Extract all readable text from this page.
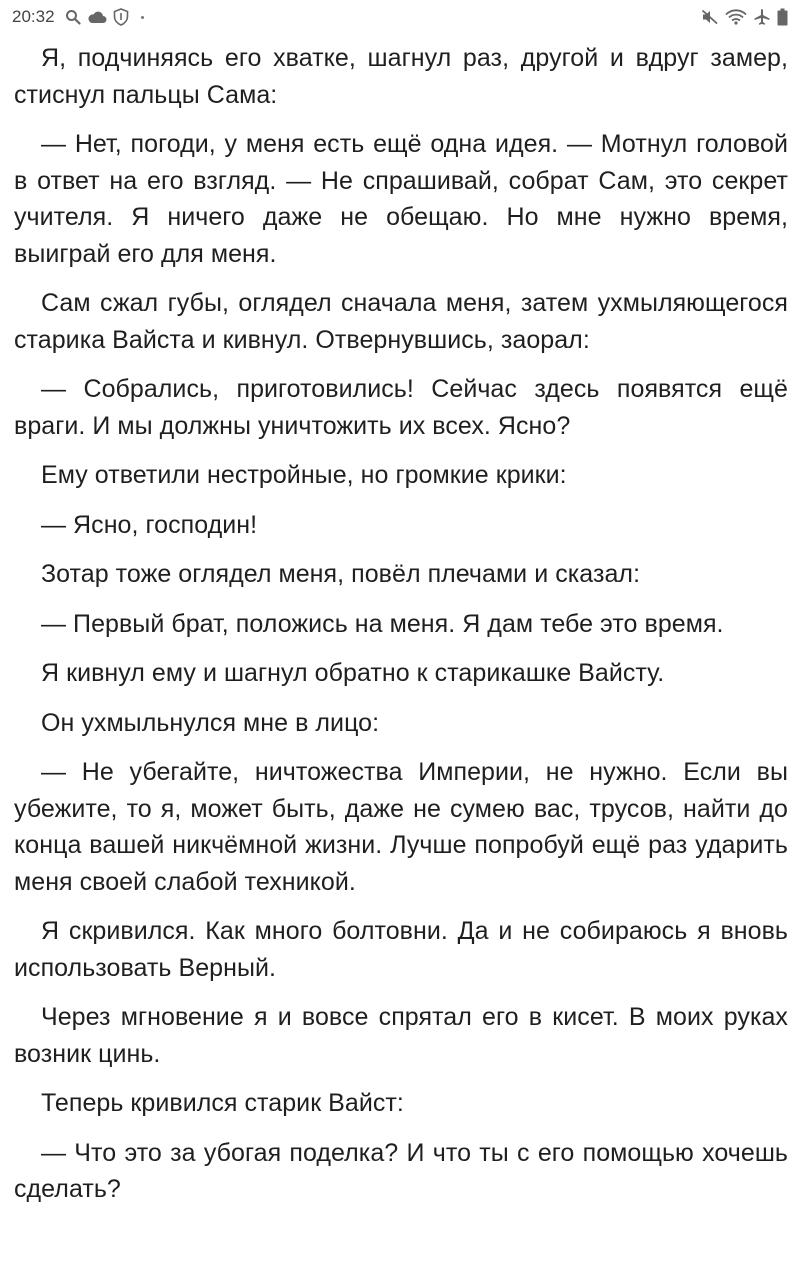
20:32

Я, подчиняясь его хватке, шагнул раз, другой и вдруг замер, стиснул пальцы Сама:

— Нет, погоди, у меня есть ещё одна идея. — Мотнул головой в ответ на его взгляд. — Не спрашивай, собрат Сам, это секрет учителя. Я ничего даже не обещаю. Но мне нужно время, выиграй его для меня.

Сам сжал губы, оглядел сначала меня, затем ухмыляющегося старика Вайста и кивнул. Отвернувшись, заорал:

— Собрались, приготовились! Сейчас здесь появятся ещё враги. И мы должны уничтожить их всех. Ясно?

Ему ответили нестройные, но громкие крики:

— Ясно, господин!

Зотар тоже оглядел меня, повёл плечами и сказал:

— Первый брат, положись на меня. Я дам тебе это время.

Я кивнул ему и шагнул обратно к старикашке Вайсту.

Он ухмыльнулся мне в лицо:

— Не убегайте, ничтожества Империи, не нужно. Если вы убежите, то я, может быть, даже не сумею вас, трусов, найти до конца вашей никчёмной жизни. Лучше попробуй ещё раз ударить меня своей слабой техникой.

Я скривился. Как много болтовни. Да и не собираюсь я вновь использовать Верный.

Через мгновение я и вовсе спрятал его в кисет. В моих руках возник цинь.

Теперь кривился старик Вайст:

— Что это за убогая поделка? И что ты с его помощью хочешь сделать?
